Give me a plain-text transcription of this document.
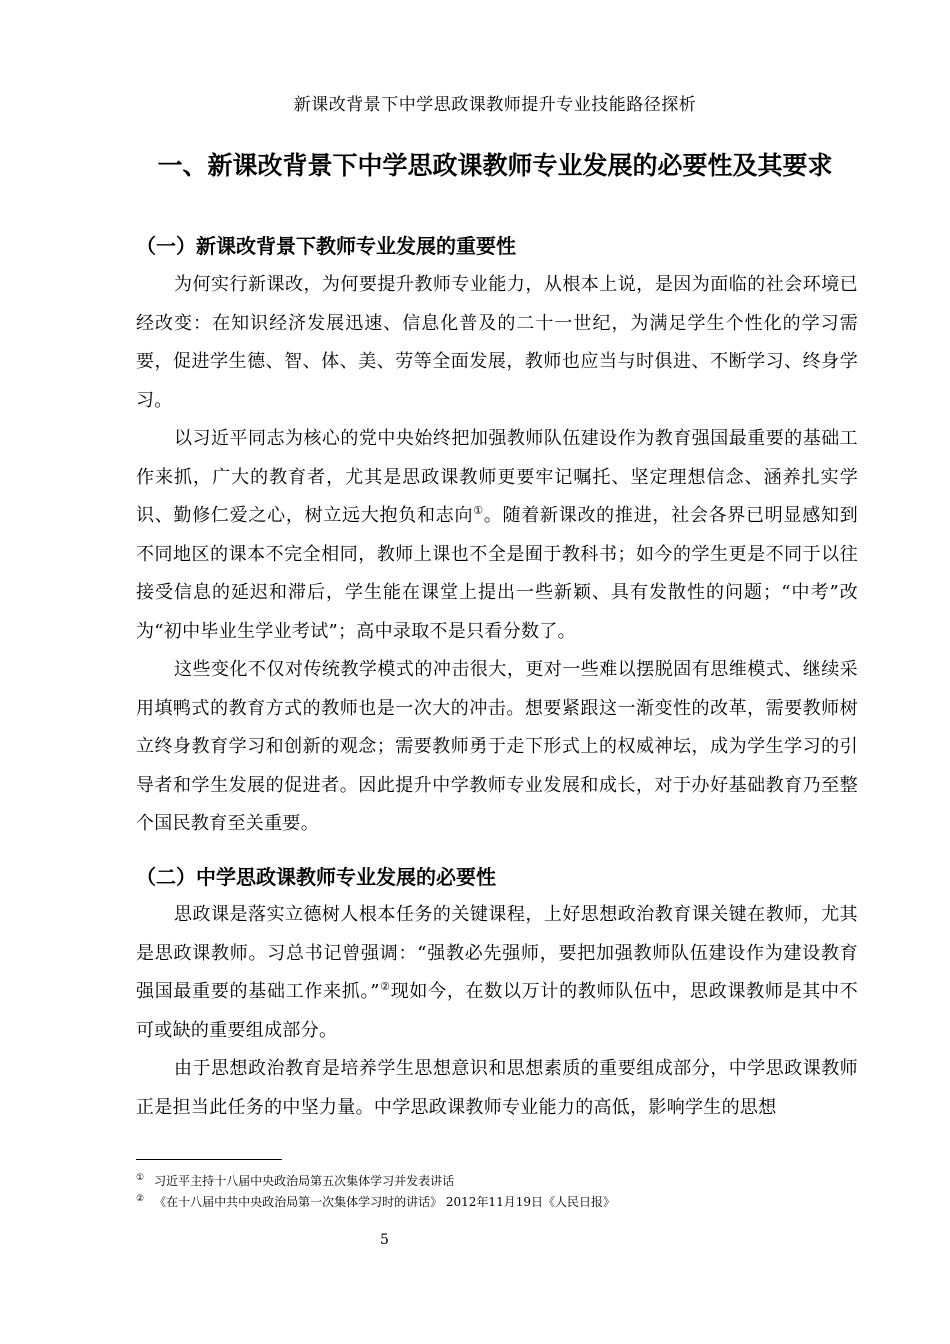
新课改背景下中学思政课教师提升专业技能路径探析
一、新课改背景下中学思政课教师专业发展的必要性及其要求
（一）新课改背景下教师专业发展的重要性

为何实行新课改，为何要提升教师专业能力，从根本上说，是因为面临的社会环境已经改变：在知识经济发展迅速、信息化普及的二十一世纪，为满足学生个性化的学习需要，促进学生德、智、体、美、劳等全面发展，教师也应当与时俱进、不断学习、终身学习。

以习近平同志为核心的党中央始终把加强教师队伍建设作为教育强国最重要的基础工作来抓，广大的教育者，尤其是思政课教师更要牢记嘱托、坚定理想信念、涵养扎实学识、勤修仁爱之心，树立远大抱负和志向①。随着新课改的推进，社会各界已明显感知到不同地区的课本不完全相同，教师上课也不全是囿于教科书；如今的学生更是不同于以往接受信息的延迟和滞后，学生能在课堂上提出一些新颖、具有发散性的问题；“中考”改为“初中毕业生学业考试”；高中录取不是只看分数了。

这些变化不仅对传统教学模式的冲击很大，更对一些难以摆脱固有思维模式、继续采用填鸭式的教育方式的教师也是一次大的冲击。想要紧跟这一渐变性的改革，需要教师树立终身教育学习和创新的观念；需要教师勇于走下形式上的权威神坛，成为学生学习的引导者和学生发展的促进者。因此提升中学教师专业发展和成长，对于办好基础教育乃至整个国民教育至关重要。

（二）中学思政课教师专业发展的必要性

思政课是落实立德树人根本任务的关键课程，上好思想政治教育课关键在教师，尤其是思政课教师。习总书记曾强调：“强教必先强师，要把加强教师队伍建设作为建设教育强国最重要的基础工作来抓。”②现如今，在数以万计的教师队伍中，思政课教师是其中不可或缺的重要组成部分。

由于思想政治教育是培养学生思想意识和思想素质的重要组成部分，中学思政课教师正是担当此任务的中坚力量。中学思政课教师专业能力的高低，影响学生的思想

① 习近平主持十八届中央政治局第五次集体学习并发表讲话
② 《在十八届中共中央政治局第一次集体学习时的讲话》 2012年11月19日《人民日报》
5
